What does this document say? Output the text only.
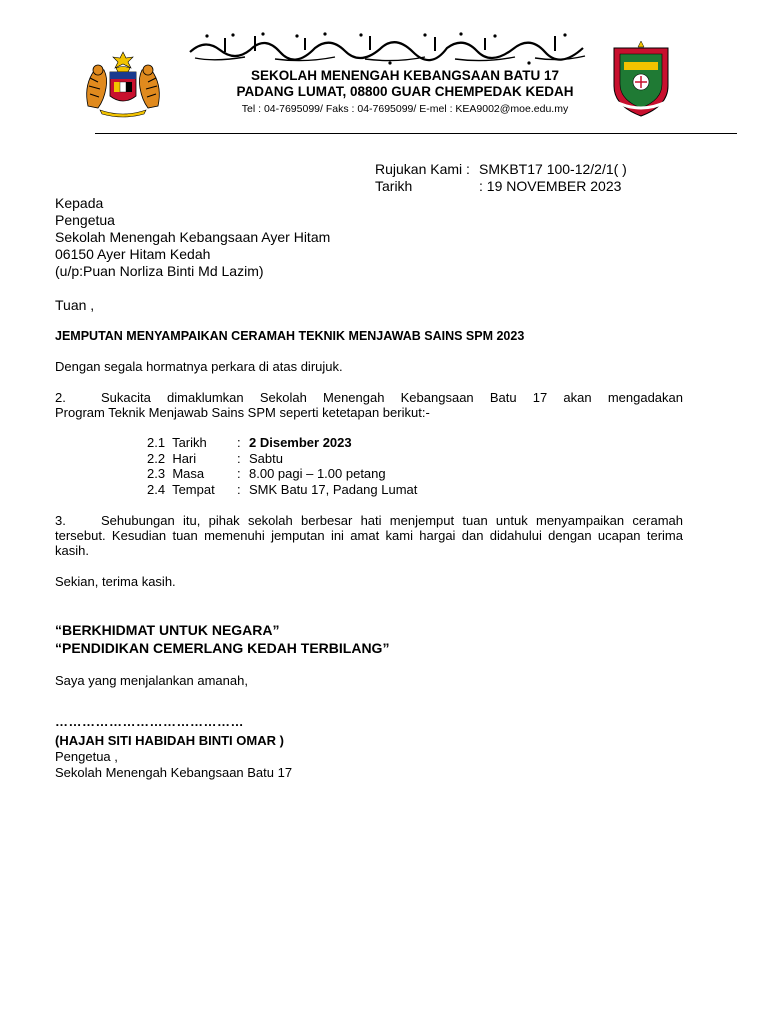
SEKOLAH MENENGAH KEBANGSAAN BATU 17
PADANG LUMAT, 08800 GUAR CHEMPEDAK KEDAH
Tel : 04-7695099/ Faks : 04-7695099/ E-mel : KEA9002@moe.edu.my
Rujukan Kami : SMKBT17 100-12/2/1( )
Tarikh	: 19 NOVEMBER 2023
Kepada
Pengetua
Sekolah Menengah Kebangsaan Ayer Hitam
06150 Ayer Hitam Kedah
(u/p:Puan Norliza Binti Md Lazim)
Tuan ,
JEMPUTAN MENYAMPAIKAN CERAMAH TEKNIK MENJAWAB SAINS SPM 2023
Dengan segala hormatnya perkara di atas dirujuk.
2.	Sukacita dimaklumkan Sekolah Menengah Kebangsaan Batu 17 akan mengadakan
Program Teknik Menjawab Sains SPM seperti ketetapan berikut:-
2.1 Tarikh : 2 Disember 2023
2.2 Hari	: Sabtu
2.3 Masa	: 8.00 pagi – 1.00 petang
2.4 Tempat : SMK Batu 17, Padang Lumat
3.	Sehubungan itu, pihak sekolah berbesar hati menjemput tuan untuk menyampaikan ceramah
tersebut. Kesudian tuan memenuhi jemputan ini amat kami hargai dan didahului dengan ucapan terima
kasih.
Sekian, terima kasih.
“BERKHIDMAT UNTUK NEGARA”
“PENDIDIKAN CEMERLANG KEDAH TERBILANG”
Saya yang menjalankan amanah,
……………………………………
(HAJAH SITI HABIDAH BINTI OMAR )
Pengetua ,
Sekolah Menengah Kebangsaan Batu 17
